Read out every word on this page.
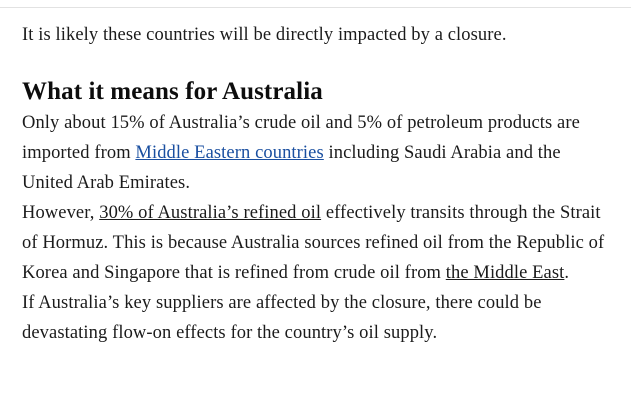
It is likely these countries will be directly impacted by a closure.

What it means for Australia

Only about 15% of Australia’s crude oil and 5% of petroleum products are imported from Middle Eastern countries including Saudi Arabia and the United Arab Emirates.

However, 30% of Australia’s refined oil effectively transits through the Strait of Hormuz. This is because Australia sources refined oil from the Republic of Korea and Singapore that is refined from crude oil from the Middle East.

If Australia’s key suppliers are affected by the closure, there could be devastating flow-on effects for the country’s oil supply.
